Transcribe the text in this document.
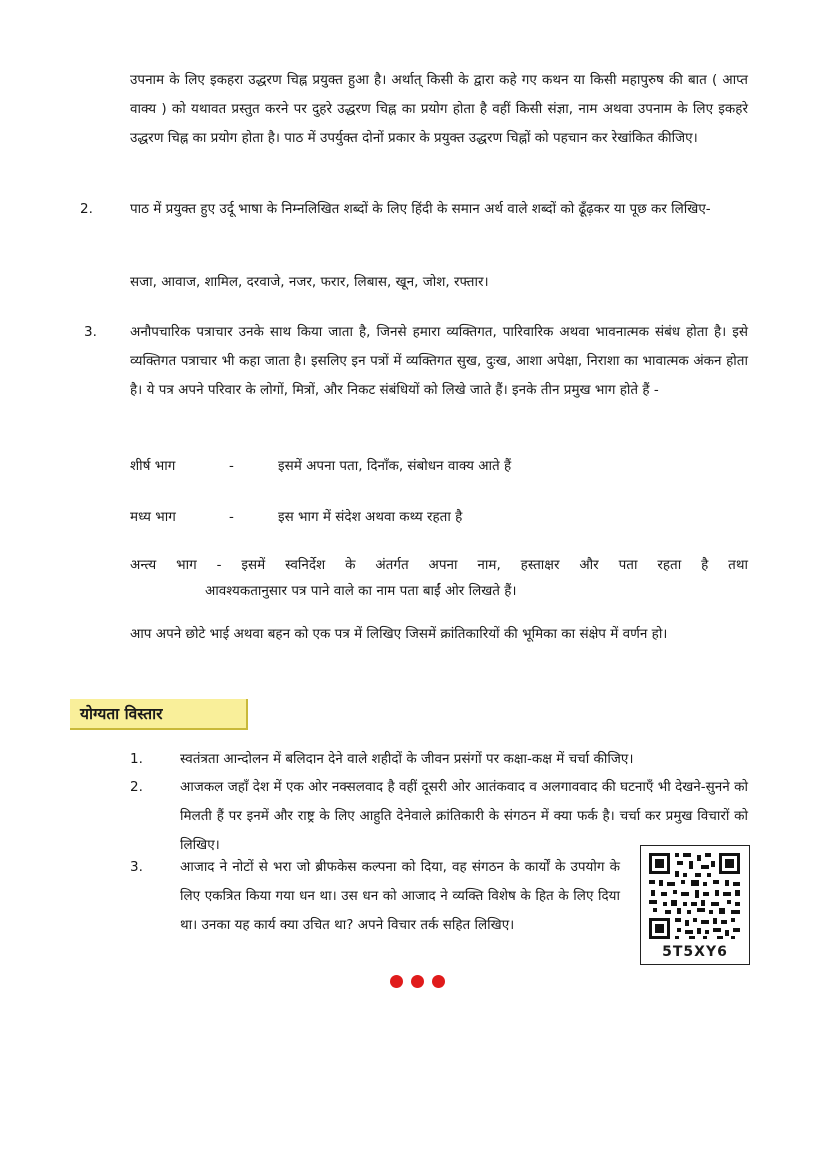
उपनाम के लिए इकहरा उद्धरण चिह्न प्रयुक्त हुआ है। अर्थात् किसी के द्वारा कहे गए कथन या किसी महापुरुष की बात ( आप्त वाक्य ) को यथावत प्रस्तुत करने पर दुहरे उद्धरण चिह्न का प्रयोग होता है वहीं किसी संज्ञा, नाम अथवा उपनाम के लिए इकहरे उद्धरण चिह्न का प्रयोग होता है। पाठ में उपर्युक्त दोनों प्रकार के प्रयुक्त उद्धरण चिह्नों को पहचान कर रेखांकित कीजिए।
2.	पाठ में प्रयुक्त हुए उर्दू भाषा के निम्नलिखित शब्दों के लिए हिंदी के समान अर्थ वाले शब्दों को ढूँढ़कर या पूछ कर लिखिए-
सजा, आवाज, शामिल, दरवाजे, नजर, फरार, लिबास, खून, जोश, रफ्तार।
3. अनौपचारिक पत्राचार उनके साथ किया जाता है, जिनसे हमारा व्यक्तिगत, पारिवारिक अथवा भावनात्मक संबंध होता है। इसे व्यक्तिगत पत्राचार भी कहा जाता है। इसलिए इन पत्रों में व्यक्तिगत सुख, दुःख, आशा अपेक्षा, निराशा का भावात्मक अंकन होता है। ये पत्र अपने परिवार के लोगों, मित्रों, और निकट संबंधियों को लिखे जाते हैं। इनके तीन प्रमुख भाग होते हैं -
शीर्ष भाग	-	इसमें अपना पता, दिनाँक, संबोधन वाक्य आते हैं
मध्य भाग	-	इस भाग में संदेश अथवा कथ्य रहता है
अन्त्य भाग - इसमें स्वनिर्देश के अंतर्गत अपना नाम, हस्ताक्षर और पता रहता है तथा
आवश्यकतानुसार पत्र पाने वाले का नाम पता बाईं ओर लिखते हैं।
आप अपने छोटे भाई अथवा बहन को एक पत्र में लिखिए जिसमें क्रांतिकारियों की भूमिका का संक्षेप में वर्णन हो।
योग्यता विस्तार
1.	स्वतंत्रता आन्दोलन में बलिदान देने वाले शहीदों के जीवन प्रसंगों पर कक्षा-कक्ष में चर्चा कीजिए।
2.	आजकल जहाँ देश में एक ओर नक्सलवाद है वहीं दूसरी ओर आतंकवाद व अलगाववाद की घटनाएँ भी देखने-सुनने को मिलती हैं पर इनमें और राष्ट्र के लिए आहुति देनेवाले क्रांतिकारी के संगठन में क्या फर्क है। चर्चा कर प्रमुख विचारों को लिखिए।
3.	आजाद ने नोटों से भरा जो ब्रीफकेस कल्पना को दिया, वह संगठन के कार्यों के उपयोग के लिए एकत्रित किया गया धन था। उस धन को आजाद ने व्यक्ति विशेष के हित के लिए दिया था। उनका यह कार्य क्या उचित था? अपने विचार तर्क सहित लिखिए।
5T5XY6
